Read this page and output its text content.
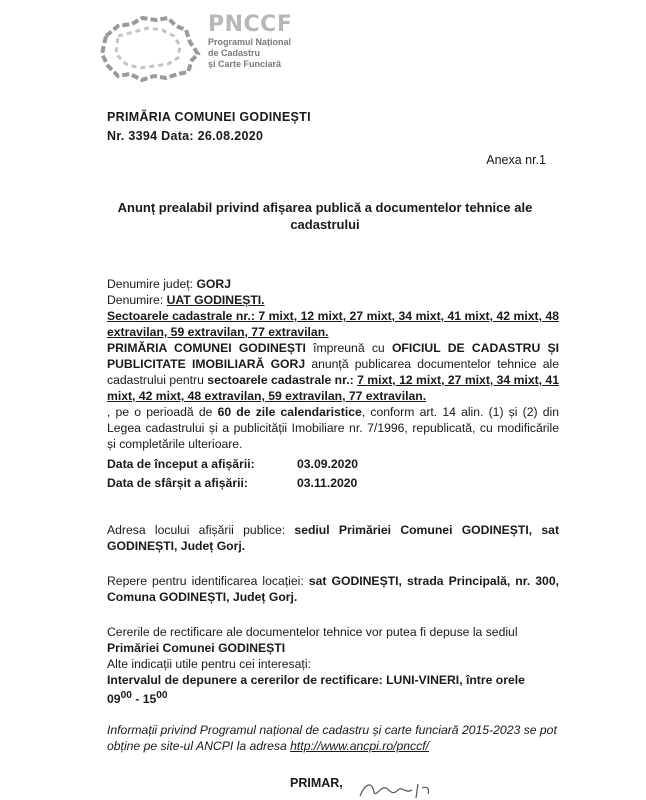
PNCCF
Programul Național
de Cadastru
și Carte Funciară
PRIMĂRIA COMUNEI GODINEȘTI
Nr. 3394 Data: 26.08.2020
Anexa nr.1
Anunț prealabil privind afișarea publică a documentelor tehnice ale cadastrului
Denumire județ: GORJ
Denumire: UAT GODINEȘTI.
Sectoarele cadastrale nr.: 7 mixt, 12 mixt, 27 mixt, 34 mixt, 41 mixt, 42 mixt, 48 extravilan, 59 extravilan, 77 extravilan.
PRIMĂRIA COMUNEI GODINEȘTI împreună cu OFICIUL DE CADASTRU ȘI PUBLICITATE IMOBILIARĂ GORJ anunță publicarea documentelor tehnice ale cadastrului pentru sectoarele cadastrale nr.: 7 mixt, 12 mixt, 27 mixt, 34 mixt, 41 mixt, 42 mixt, 48 extravilan, 59 extravilan, 77 extravilan.
, pe o perioadă de 60 de zile calendaristice, conform art. 14 alin. (1) și (2) din Legea cadastrului și a publicității Imobiliare nr. 7/1996, republicată, cu modificările și completările ulterioare.
Data de început a afișării:	03.09.2020
Data de sfârșit a afișării:	03.11.2020
Adresa locului afișării publice: sediul Primăriei Comunei GODINEȘTI, sat GODINEȘTI, Județ Gorj.
Repere pentru identificarea locației: sat GODINEȘTI, strada Principală, nr. 300, Comuna GODINEȘTI, Județ Gorj.
Cererile de rectificare ale documentelor tehnice vor putea fi depuse la sediul
Primăriei Comunei GODINEȘTI
Alte indicații utile pentru cei interesați:
Intervalul de depunere a cererilor de rectificare: LUNI-VINERI, între orele
$09^{00} - 15^{00}$
Informații privind Programul național de cadastru și carte funciară 2015-2023 se pot obține pe site-ul ANCPI la adresa http://www.ancpi.ro/pnccf/
PRIMAR,
